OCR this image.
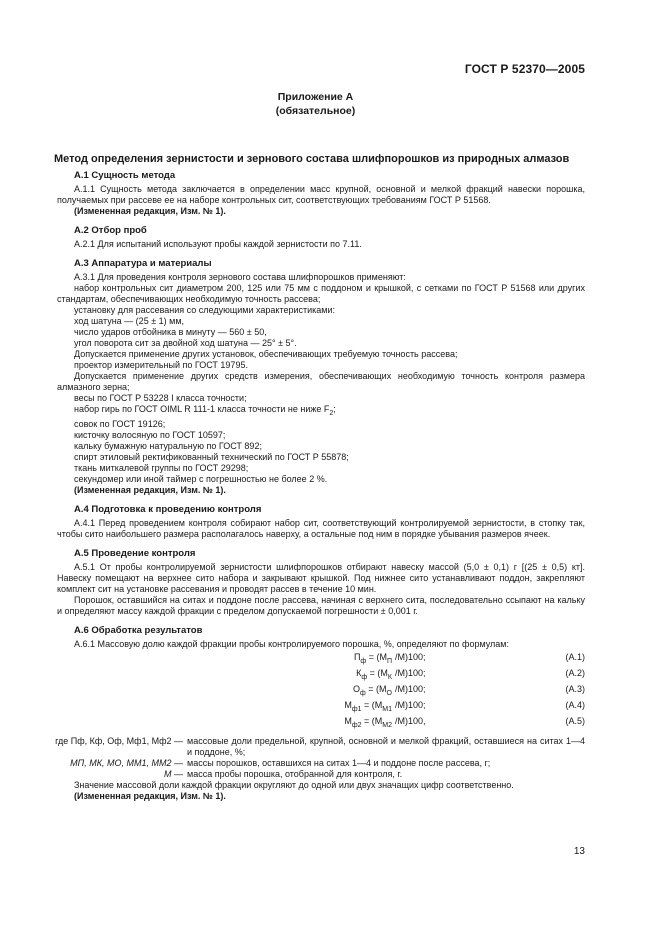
ГОСТ Р 52370—2005
Приложение А
(обязательное)
Метод определения зернистости и зернового состава шлифпорошков из природных алмазов
А.1 Сущность метода

А.1.1 Сущность метода заключается в определении масс крупной, основной и мелкой фракций навески порошка, получаемых при рассеве ее на наборе контрольных сит, соответствующих требованиям ГОСТ Р 51568.

(Измененная редакция, Изм. № 1).
А.2 Отбор проб

А.2.1 Для испытаний используют пробы каждой зернистости по 7.11.

А.3 Аппаратура и материалы

А.3.1 Для проведения контроля зернового состава шлифпорошков применяют:

набор контрольных сит диаметром 200, 125 или 75 мм с поддоном и крышкой, с сетками по ГОСТ Р 51568 или других стандартам, обеспечивающих необходимую точность рассева;

установку для рассевания со следующими характеристиками:

ход шатуна — (25 ± 1) мм,

число ударов отбойника в минуту — 560 ± 50,

угол поворота сит за двойной ход шатуна — 25° ± 5°.

Допускается применение других установок, обеспечивающих требуемую точность рассева;

проектор измерительный по ГОСТ 19795.

Допускается применение других средств измерения, обеспечивающих необходимую точность контроля размера алмазного зерна;

весы по ГОСТ Р 53228 I класса точности;

набор гирь по ГОСТ OIML R 111-1 класса точности не ниже $F_2$;

совок по ГОСТ 19126;

кисточку волосяную по ГОСТ 10597;

кальку бумажную натуральную по ГОСТ 892;

спирт этиловый ректификованный технический по ГОСТ Р 55878;

ткань миткалевой группы по ГОСТ 29298;

секундомер или иной таймер с погрешностью не более 2 %.

(Измененная редакция, Изм. № 1).
А.4 Подготовка к проведению контроля

А.4.1 Перед проведением контроля собирают набор сит, соответствующий контролируемой зернистости, в стопку так, чтобы сито наибольшего размера располагалось наверху, а остальные под ним в порядке убывания размеров ячеек.

А.5 Проведение контроля

А.5.1 От пробы контролируемой зернистости шлифпорошков отбирают навеску массой (5,0 ± 0,1) г [(25 ± 0,5) кт]. Навеску помещают на верхнее сито набора и закрывают крышкой. Под нижнее сито устанавливают поддон, закрепляют комплект сит на установке рассевания и проводят рассев в течение 10 мин.

Порошок, оставшийся на ситах и поддоне после рассева, начиная с верхнего сита, последовательно ссыпают на кальку и определяют массу каждой фракции с пределом допускаемой погрешности ± 0,001 г.

А.6 Обработка результатов

А.6.1 Массовую долю каждой фракции пробы контролируемого порошка, %, определяют по формулам:

$П_ф = (M_П$ /M)100;	(А.1)
$К_ф = (M_К$ /M)100;	(А.2)
$О_ф = (M_О$ /M)100;	(А.3)
$М_{ф1} = (M_{М1}$ /M)100;	(А.4)
$М_{ф2} = (M_{М2}$ /M)100,	(А.5)
где Пф, Кф, Оф, Мф1, Мф2 — массовые доли предельной, крупной, основной и мелкой фракций, оставшиеся на ситах 1—4 и поддоне, %;

MП, MК, MО, MМ1, MМ2 — массы порошков, оставшихся на ситах 1—4 и поддоне после рассева, г;

M — масса пробы порошка, отобранной для контроля, г.

Значение массовой доли каждой фракции округляют до одной или двух значащих цифр соответственно.

(Измененная редакция, Изм. № 1).
13
